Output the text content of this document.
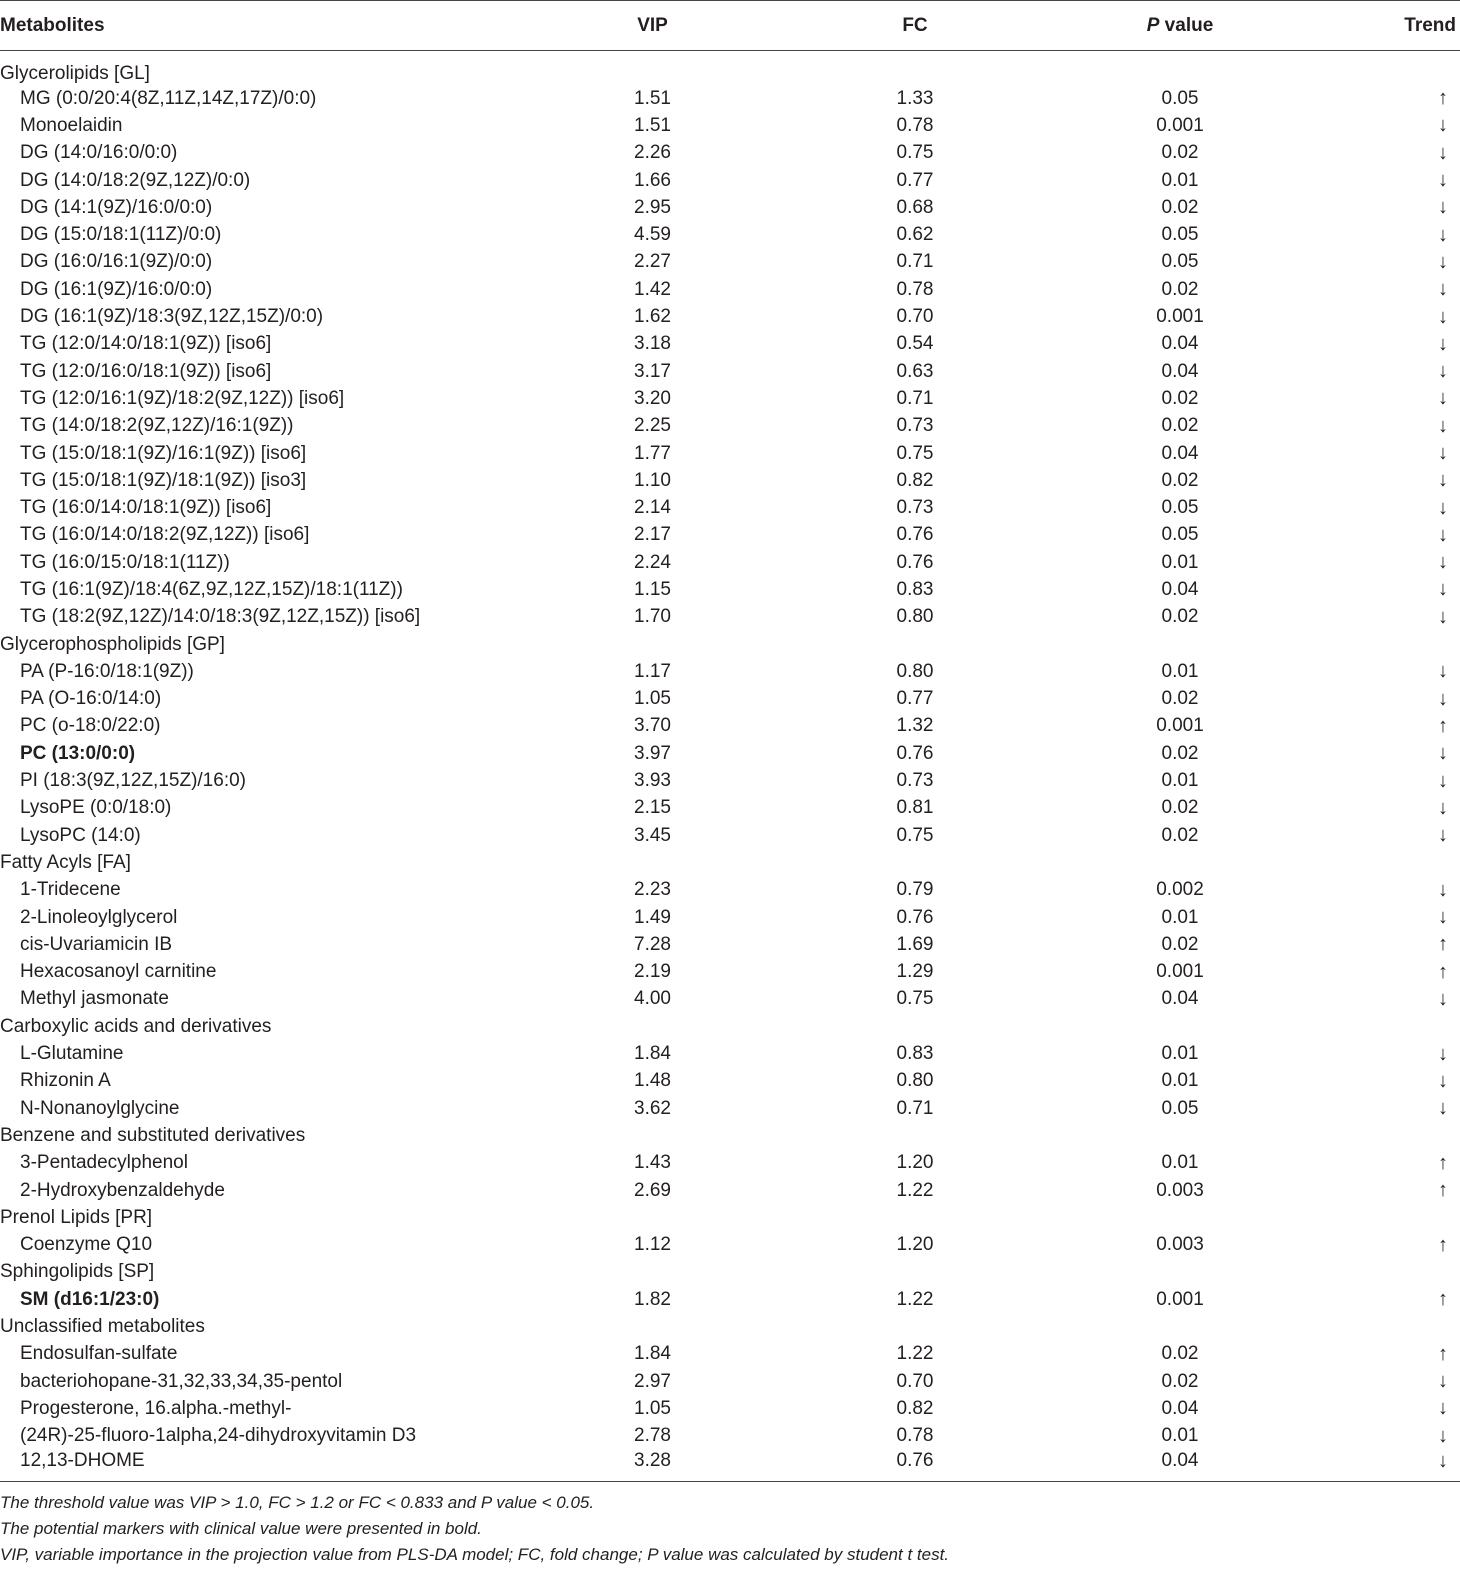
Metabolites	VIP	FC	P value	Trend
Glycerolipids [GL]				
MG (0:0/20:4(8Z,11Z,14Z,17Z)/0:0)	1.51	1.33	0.05	↑
Monoelaidin	1.51	0.78	0.001	↓
DG (14:0/16:0/0:0)	2.26	0.75	0.02	↓
DG (14:0/18:2(9Z,12Z)/0:0)	1.66	0.77	0.01	↓
DG (14:1(9Z)/16:0/0:0)	2.95	0.68	0.02	↓
DG (15:0/18:1(11Z)/0:0)	4.59	0.62	0.05	↓
DG (16:0/16:1(9Z)/0:0)	2.27	0.71	0.05	↓
DG (16:1(9Z)/16:0/0:0)	1.42	0.78	0.02	↓
DG (16:1(9Z)/18:3(9Z,12Z,15Z)/0:0)	1.62	0.70	0.001	↓
TG (12:0/14:0/18:1(9Z)) [iso6]	3.18	0.54	0.04	↓
TG (12:0/16:0/18:1(9Z)) [iso6]	3.17	0.63	0.04	↓
TG (12:0/16:1(9Z)/18:2(9Z,12Z)) [iso6]	3.20	0.71	0.02	↓
TG (14:0/18:2(9Z,12Z)/16:1(9Z))	2.25	0.73	0.02	↓
TG (15:0/18:1(9Z)/16:1(9Z)) [iso6]	1.77	0.75	0.04	↓
TG (15:0/18:1(9Z)/18:1(9Z)) [iso3]	1.10	0.82	0.02	↓
TG (16:0/14:0/18:1(9Z)) [iso6]	2.14	0.73	0.05	↓
TG (16:0/14:0/18:2(9Z,12Z)) [iso6]	2.17	0.76	0.05	↓
TG (16:0/15:0/18:1(11Z))	2.24	0.76	0.01	↓
TG (16:1(9Z)/18:4(6Z,9Z,12Z,15Z)/18:1(11Z))	1.15	0.83	0.04	↓
TG (18:2(9Z,12Z)/14:0/18:3(9Z,12Z,15Z)) [iso6]	1.70	0.80	0.02	↓
Glycerophospholipids [GP]				
PA (P-16:0/18:1(9Z))	1.17	0.80	0.01	↓
PA (O-16:0/14:0)	1.05	0.77	0.02	↓
PC (o-18:0/22:0)	3.70	1.32	0.001	↑
PC (13:0/0:0)	3.97	0.76	0.02	↓
PI (18:3(9Z,12Z,15Z)/16:0)	3.93	0.73	0.01	↓
LysoPE (0:0/18:0)	2.15	0.81	0.02	↓
LysoPC (14:0)	3.45	0.75	0.02	↓
Fatty Acyls [FA]				
1-Tridecene	2.23	0.79	0.002	↓
2-Linoleoylglycerol	1.49	0.76	0.01	↓
cis-Uvariamicin IB	7.28	1.69	0.02	↑
Hexacosanoyl carnitine	2.19	1.29	0.001	↑
Methyl jasmonate	4.00	0.75	0.04	↓
Carboxylic acids and derivatives				
L-Glutamine	1.84	0.83	0.01	↓
Rhizonin A	1.48	0.80	0.01	↓
N-Nonanoylglycine	3.62	0.71	0.05	↓
Benzene and substituted derivatives				
3-Pentadecylphenol	1.43	1.20	0.01	↑
2-Hydroxybenzaldehyde	2.69	1.22	0.003	↑
Prenol Lipids [PR]				
Coenzyme Q10	1.12	1.20	0.003	↑
Sphingolipids [SP]				
SM (d16:1/23:0)	1.82	1.22	0.001	↑
Unclassified metabolites				
Endosulfan-sulfate	1.84	1.22	0.02	↑
bacteriohopane-31,32,33,34,35-pentol	2.97	0.70	0.02	↓
Progesterone, 16.alpha.-methyl-	1.05	0.82	0.04	↓
(24R)-25-fluoro-1alpha,24-dihydroxyvitamin D3	2.78	0.78	0.01	↓
12,13-DHOME	3.28	0.76	0.04	↓
The threshold value was VIP > 1.0, FC > 1.2 or FC < 0.833 and P value < 0.05.
The potential markers with clinical value were presented in bold.
VIP, variable importance in the projection value from PLS-DA model; FC, fold change; P value was calculated by student t test.
